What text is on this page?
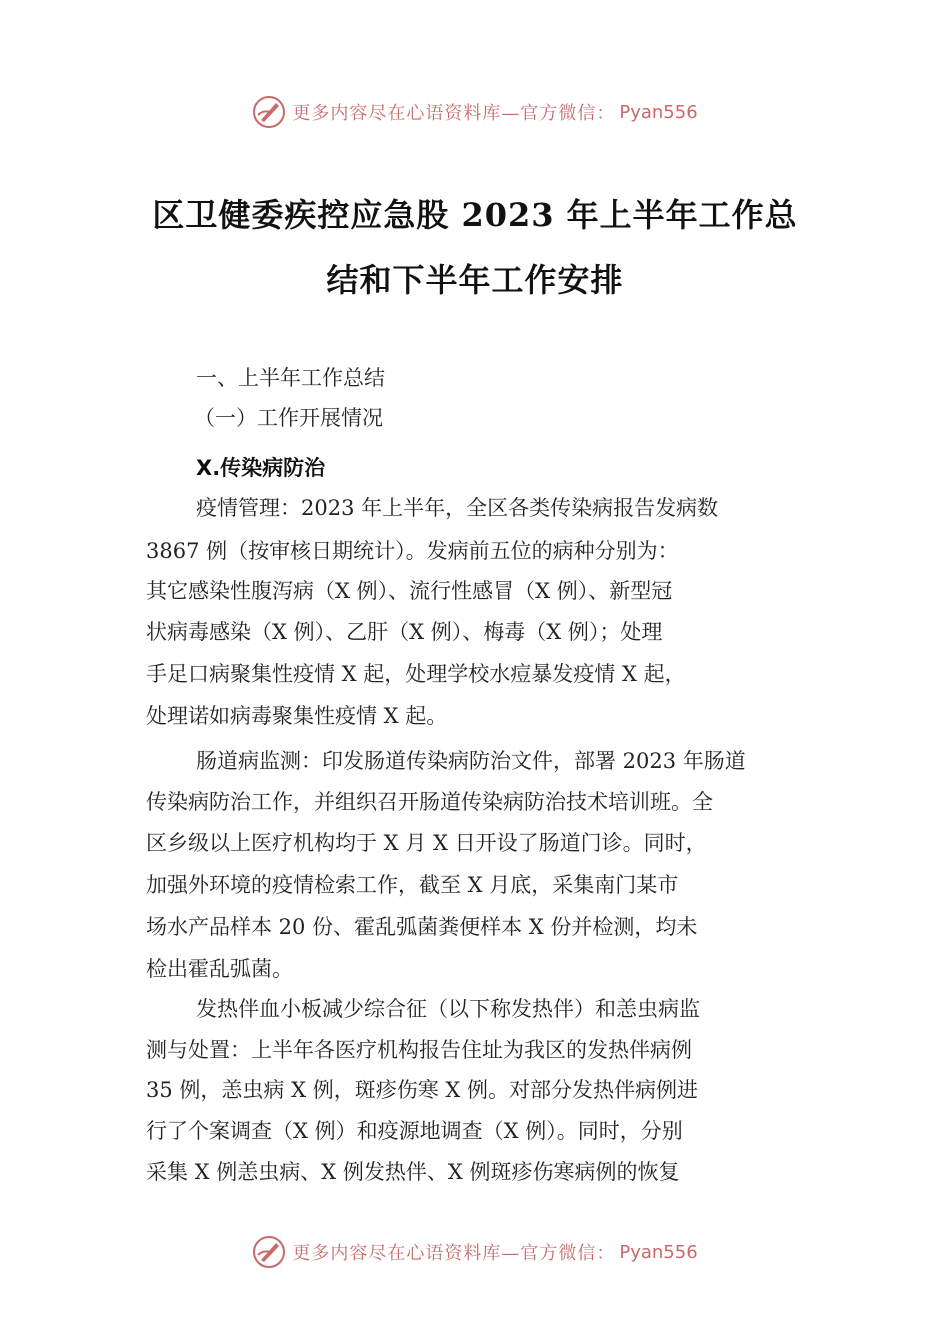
更多内容尽在心语资料库—官方微信： Pyan556
区卫健委疾控应急股 2023 年上半年工作总
结和下半年工作安排
一、上半年工作总结
（一）工作开展情况
X.传染病防治
疫情管理：2023 年上半年，全区各类传染病报告发病数
3867 例（按审核日期统计）。发病前五位的病种分别为：
其它感染性腹泻病（X 例）、流行性感冒（X 例）、新型冠
状病毒感染（X 例）、乙肝（X 例）、梅毒（X 例）；处理
手足口病聚集性疫情 X 起，处理学校水痘暴发疫情 X 起，
处理诺如病毒聚集性疫情 X 起。
肠道病监测：印发肠道传染病防治文件，部署 2023 年肠道
传染病防治工作，并组织召开肠道传染病防治技术培训班。全
区乡级以上医疗机构均于 X 月 X 日开设了肠道门诊。同时，
加强外环境的疫情检索工作，截至 X 月底，采集南门某市
场水产品样本 20 份、霍乱弧菌粪便样本 X 份并检测，均未
检出霍乱弧菌。
发热伴血小板减少综合征（以下称发热伴）和恙虫病监
测与处置：上半年各医疗机构报告住址为我区的发热伴病例
35 例，恙虫病 X 例，斑疹伤寒 X 例。对部分发热伴病例进
行了个案调查（X 例）和疫源地调查（X 例）。同时，分别
采集 X 例恙虫病、X 例发热伴、X 例斑疹伤寒病例的恢复
更多内容尽在心语资料库—官方微信： Pyan556
